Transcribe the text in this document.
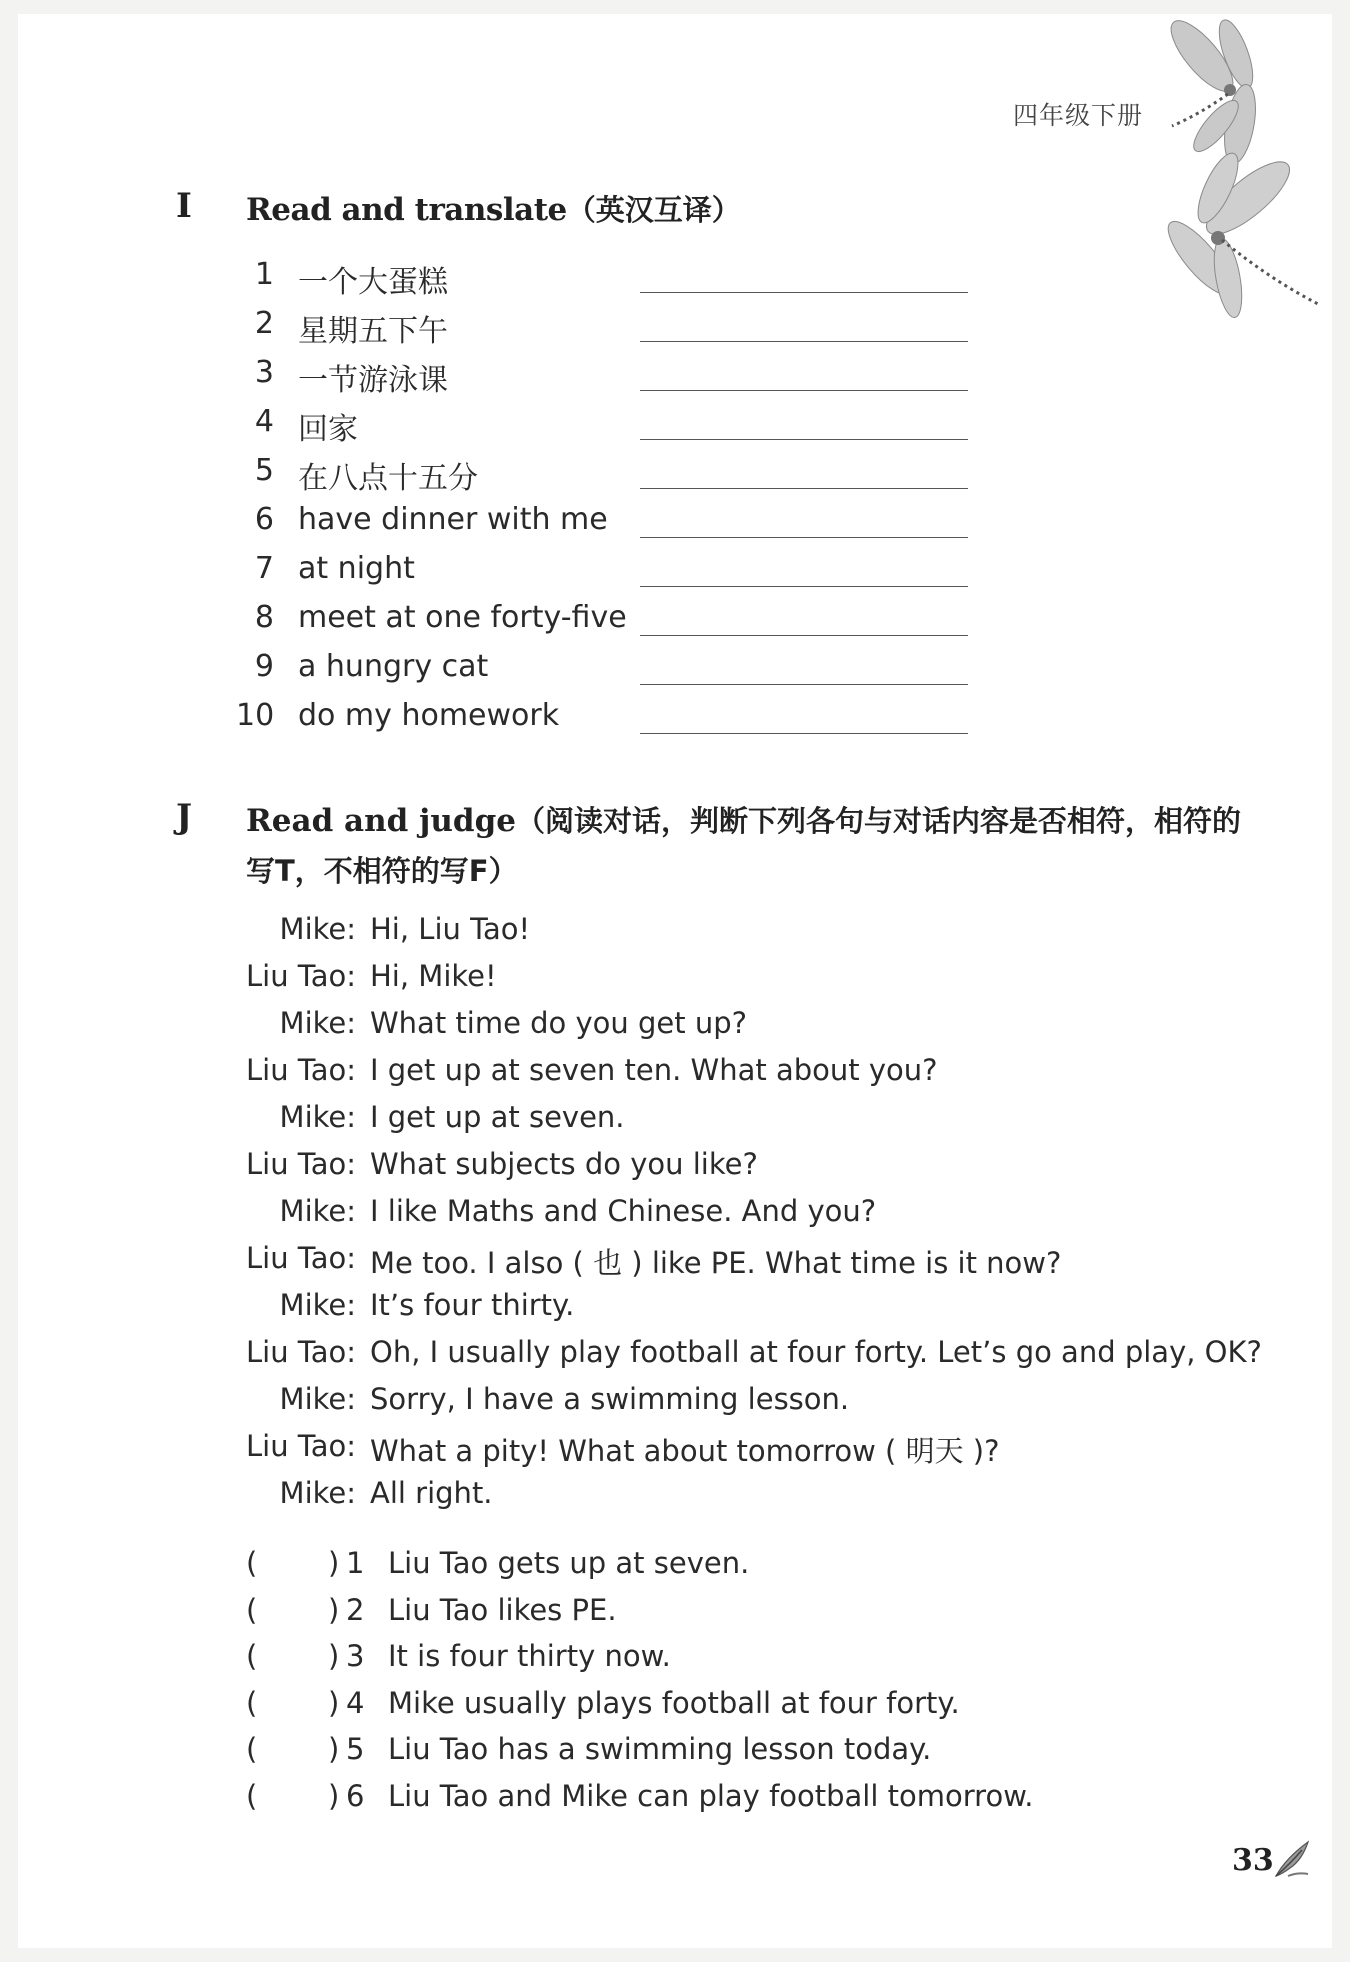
四年级下册
I Read and translate（英汉互译）
1 一个大蛋糕
2 星期五下午
3 一节游泳课
4 回家
5 在八点十五分
6 have dinner with me
7 at night
8 meet at one forty-five
9 a hungry cat
10 do my homework
J Read and judge（阅读对话，判断下列各句与对话内容是否相符，相符的写T，不相符的写F）
Mike: Hi, Liu Tao!
Liu Tao: Hi, Mike!
Mike: What time do you get up?
Liu Tao: I get up at seven ten. What about you?
Mike: I get up at seven.
Liu Tao: What subjects do you like?
Mike: I like Maths and Chinese. And you?
Liu Tao: Me too. I also ( 也 ) like PE. What time is it now?
Mike: It’s four thirty.
Liu Tao: Oh, I usually play football at four forty. Let’s go and play, OK?
Mike: Sorry, I have a swimming lesson.
Liu Tao: What a pity! What about tomorrow ( 明天 )?
Mike: All right.
( ) 1 Liu Tao gets up at seven.
( ) 2 Liu Tao likes PE.
( ) 3 It is four thirty now.
( ) 4 Mike usually plays football at four forty.
( ) 5 Liu Tao has a swimming lesson today.
( ) 6 Liu Tao and Mike can play football tomorrow.
33
